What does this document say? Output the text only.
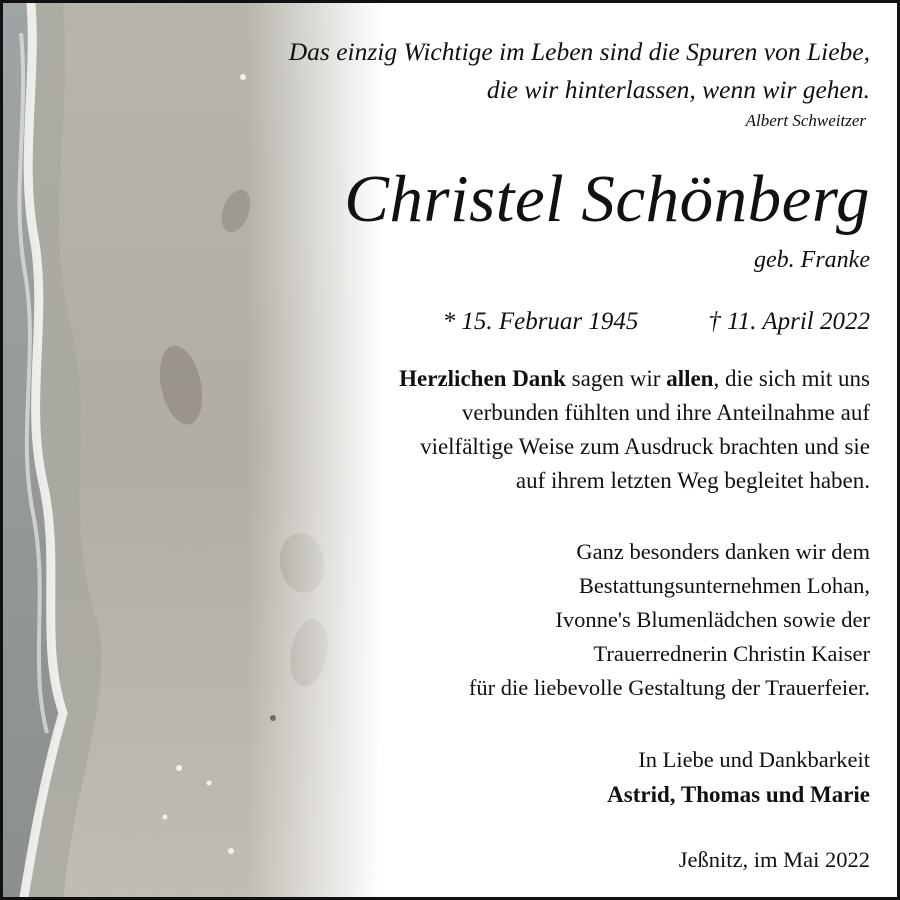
Das einzig Wichtige im Leben sind die Spuren von Liebe,
die wir hinterlassen, wenn wir gehen.
Albert Schweitzer
Christel Schönberg
geb. Franke
* 15. Februar 1945	† 11. April 2022

Herzlichen Dank sagen wir allen, die sich mit uns

verbunden fühlten und ihre Anteilnahme auf

vielfältige Weise zum Ausdruck brachten und sie

auf ihrem letzten Weg begleitet haben.

Ganz besonders danken wir dem

Bestattungsunternehmen Lohan,

Ivonne's Blumenlädchen sowie der

Trauerrednerin Christin Kaiser

für die liebevolle Gestaltung der Trauerfeier.

In Liebe und Dankbarkeit
Astrid, Thomas und Marie
Jeßnitz, im Mai 2022
